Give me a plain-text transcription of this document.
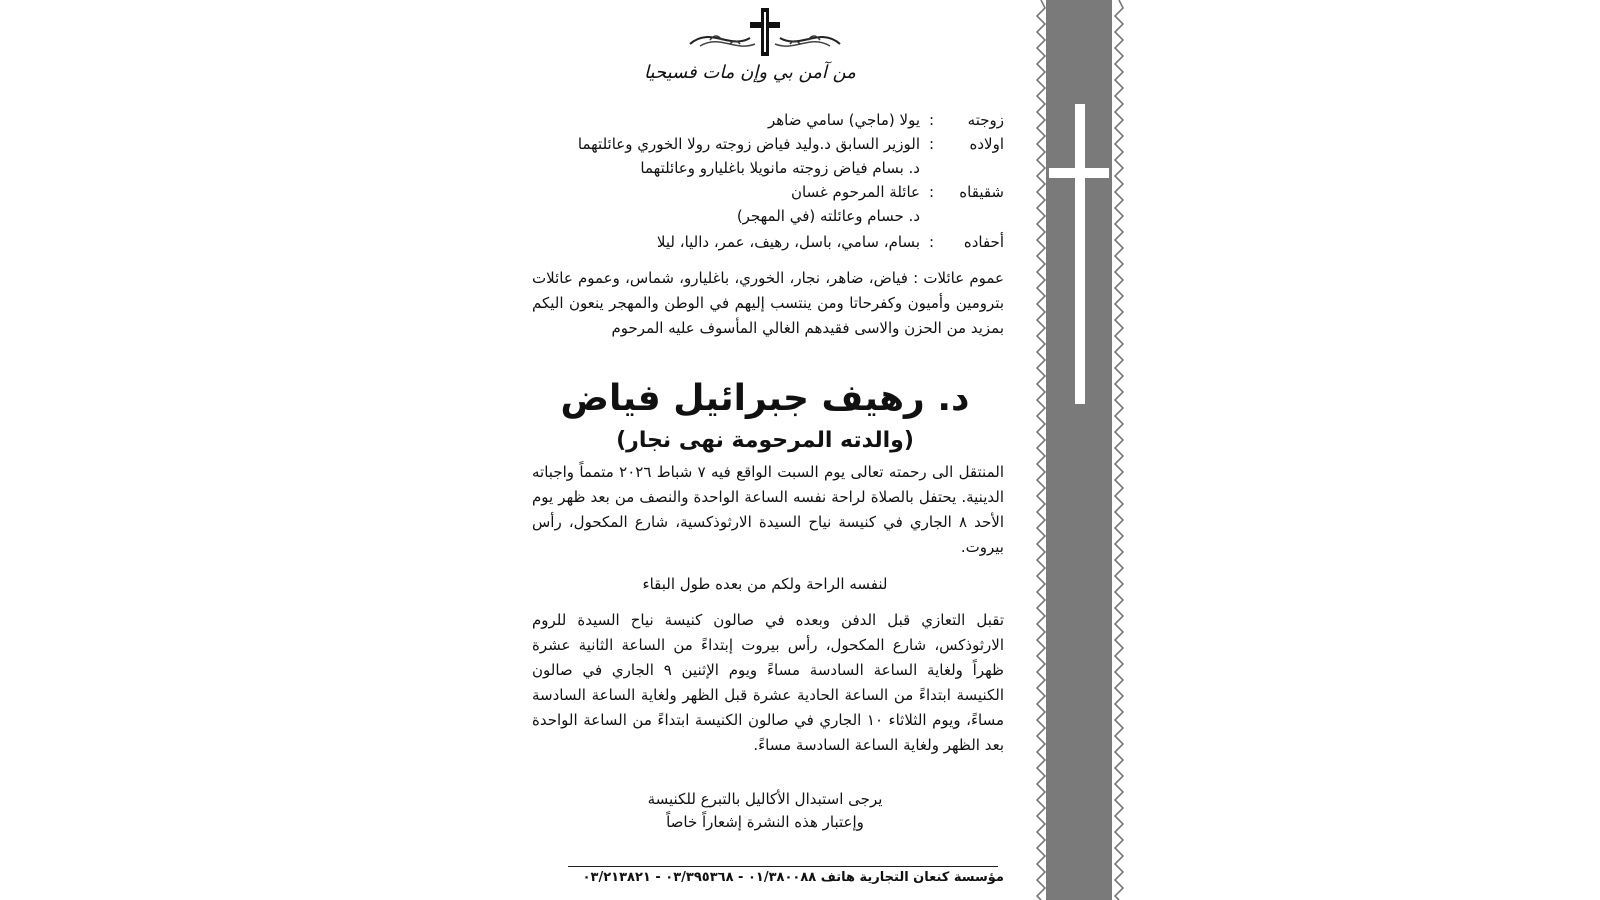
من آمن بي وإن مات فسيحيا
زوجته
:
يولا (ماجي) سامي ضاهر
اولاده
:
الوزير السابق د.وليد فياض زوجته رولا الخوري وعائلتهما
د. بسام فياض زوجته مانويلا باغليارو وعائلتهما
شقيقاه
:
عائلة المرحوم غسان
د. حسام وعائلته (في المهجر)
أحفاده
:
بسام، سامي، باسل، رهيف، عمر، داليا، ليلا
عموم عائلات : فياض، ضاهر، نجار، الخوري، باغليارو، شماس، وعموم عائلات بترومين وأميون وكفرحاتا ومن ينتسب إليهم في الوطن والمهجر ينعون اليكم بمزيد من الحزن والاسى فقيدهم الغالي المأسوف عليه المرحوم
د. رهيف جبرائيل فياض
(والدته المرحومة نهى نجار)
المنتقل الى رحمته تعالى يوم السبت الواقع فيه ٧ شباط ٢٠٢٦ متمماً واجباته الدينية. يحتفل بالصلاة لراحة نفسه الساعة الواحدة والنصف من بعد ظهر يوم الأحد ٨ الجاري في كنيسة نياح السيدة الارثوذكسية، شارع المكحول، رأس بيروت.
لنفسه الراحة ولكم من بعده طول البقاء
تقبل التعازي قبل الدفن وبعده في صالون كنيسة نياح السيدة للروم الارثوذكس، شارع المكحول، رأس بيروت إبتداءً من الساعة الثانية عشرة ظهراً ولغاية الساعة السادسة مساءً ويوم الإثنين ٩ الجاري في صالون الكنيسة ابتداءً من الساعة الحادية عشرة قبل الظهر ولغاية الساعة السادسة مساءً، ويوم الثلاثاء ١٠ الجاري في صالون الكنيسة ابتداءً من الساعة الواحدة بعد الظهر ولغاية الساعة السادسة مساءً.
يرجى استبدال الأكاليل بالتبرع للكنيسة
وإعتبار هذه النشرة إشعاراً خاصاً
مؤسسة كنعان التجارية هاتف ٠١/٣٨٠٠٨٨ - ٠٣/٣٩٥٣٦٨ - ٠٣/٢١٣٨٢١
